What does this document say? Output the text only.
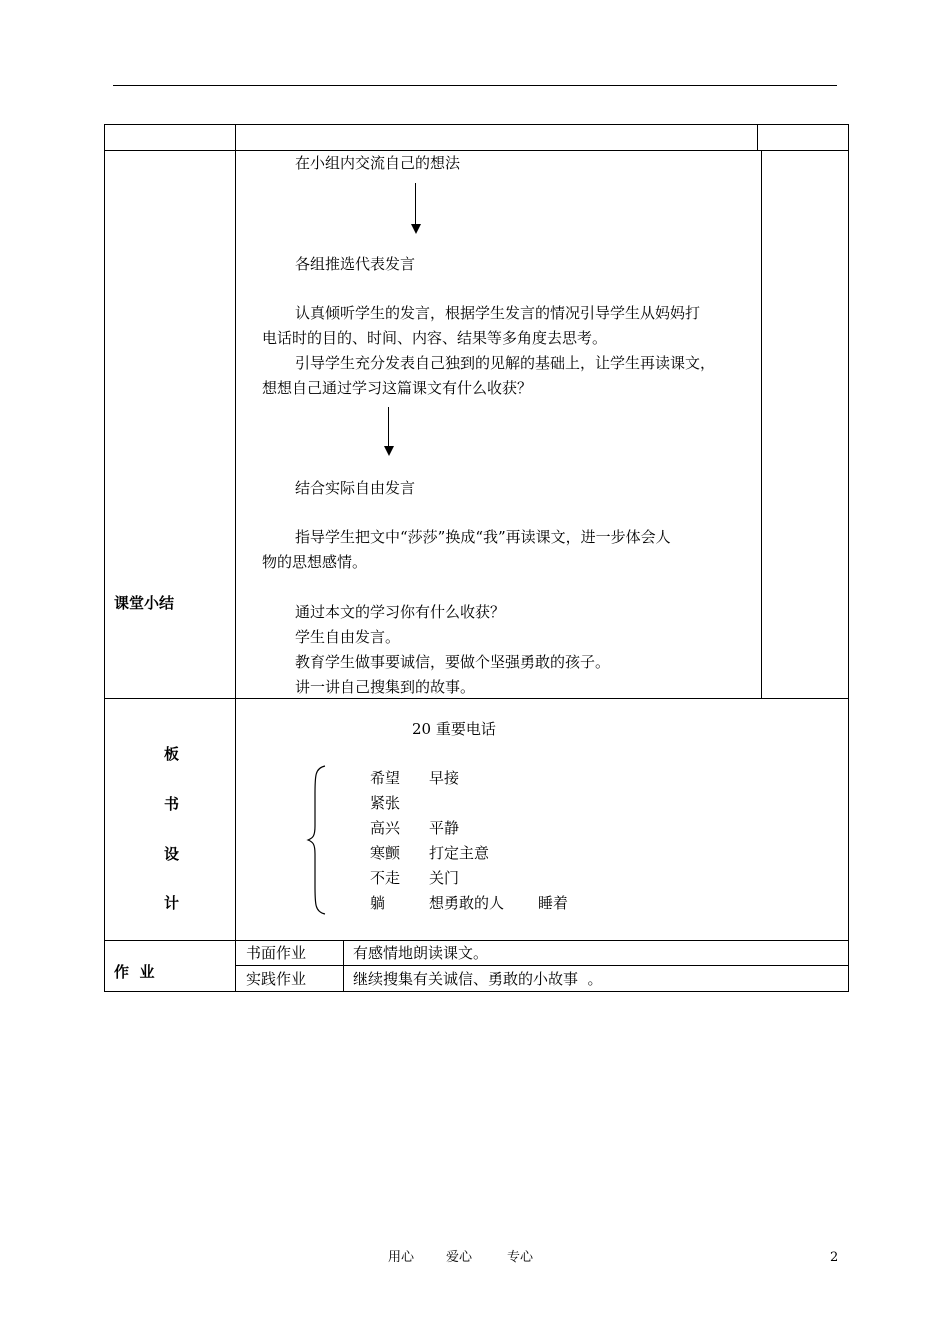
课堂小结
在小组内交流自己的想法
各组推选代表发言
认真倾听学生的发言，根据学生发言的情况引导学生从妈妈打
电话时的目的、时间、内容、结果等多角度去思考。
引导学生充分发表自己独到的见解的基础上，让学生再读课文，
想想自己通过学习这篇课文有什么收获？
结合实际自由发言
指导学生把文中“莎莎”换成“我”再读课文，进一步体会人
物的思想感情。
通过本文的学习你有什么收获？
学生自由发言。
教育学生做事要诚信，要做个坚强勇敢的孩子。
讲一讲自己搜集到的故事。
板
书
设
计
20 重要电话
希望 早接
紧张
高兴 平静
寒颤 打定主意
不走 关门
躺	想勇敢的人 睡着
作  业
书面作业	有感情地朗读课文。
实践作业	继续搜集有关诚信、勇敢的小故事  。
用心 爱心	专心	2
